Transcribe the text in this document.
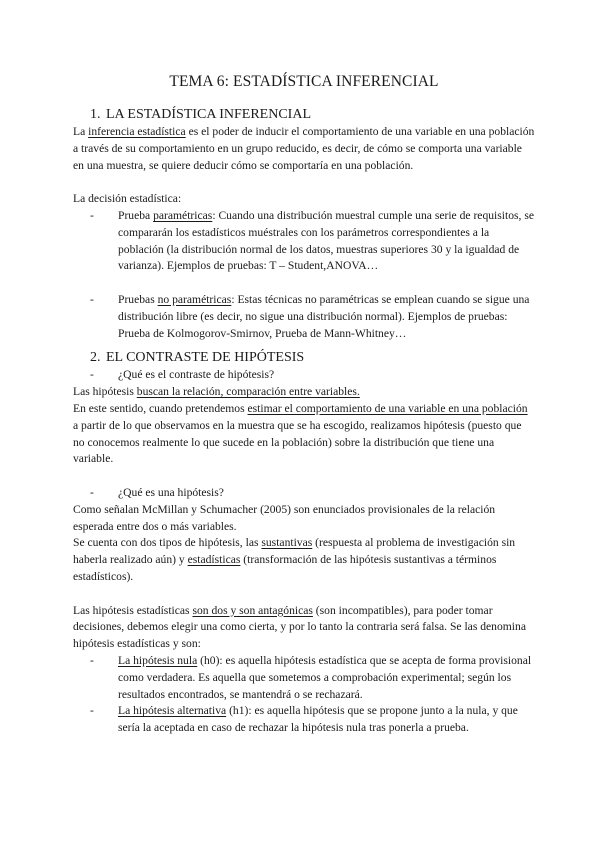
TEMA 6: ESTADÍSTICA INFERENCIAL
1. LA ESTADÍSTICA INFERENCIAL

La inferencia estadística es el poder de inducir el comportamiento de una variable en una población a través de su comportamiento en un grupo reducido, es decir, de cómo se comporta una variable en una muestra, se quiere deducir cómo se comportaría en una población.

La decisión estadística:

-	Prueba paramétricas: Cuando una distribución muestral cumple una serie de requisitos, se compararán los estadísticos muéstrales con los parámetros correspondientes a la población (la distribución normal de los datos, muestras superiores 30 y la igualdad de varianza). Ejemplos de pruebas: T – Student,ANOVA…
-	Pruebas no paramétricas: Estas técnicas no paramétricas se emplean cuando se sigue una distribución libre (es decir, no sigue una distribución normal). Ejemplos de pruebas: Prueba de Kolmogorov-Smirnov, Prueba de Mann-Whitney…
2. EL CONTRASTE DE HIPÓTESIS
-	¿Qué es el contraste de hipótesis?

Las hipótesis buscan la relación, comparación entre variables.

En este sentido, cuando pretendemos estimar el comportamiento de una variable en una población a partir de lo que observamos en la muestra que se ha escogido, realizamos hipótesis (puesto que no conocemos realmente lo que sucede en la población) sobre la distribución que tiene una variable.

-	¿Qué es una hipótesis?

Como señalan McMillan y Schumacher (2005) son enunciados provisionales de la relación esperada entre dos o más variables.

Se cuenta con dos tipos de hipótesis, las sustantivas (respuesta al problema de investigación sin haberla realizado aún) y estadísticas (transformación de las hipótesis sustantivas a términos estadísticos).

Las hipótesis estadísticas son dos y son antagónicas (son incompatibles), para poder tomar decisiones, debemos elegir una como cierta, y por lo tanto la contraria será falsa. Se las denomina hipótesis estadísticas y son:

-	La hipótesis nula (h0): es aquella hipótesis estadística que se acepta de forma provisional como verdadera. Es aquella que sometemos a comprobación experimental; según los resultados encontrados, se mantendrá o se rechazará.
-	La hipótesis alternativa (h1): es aquella hipótesis que se propone junto a la nula, y que sería la aceptada en caso de rechazar la hipótesis nula tras ponerla a prueba.
